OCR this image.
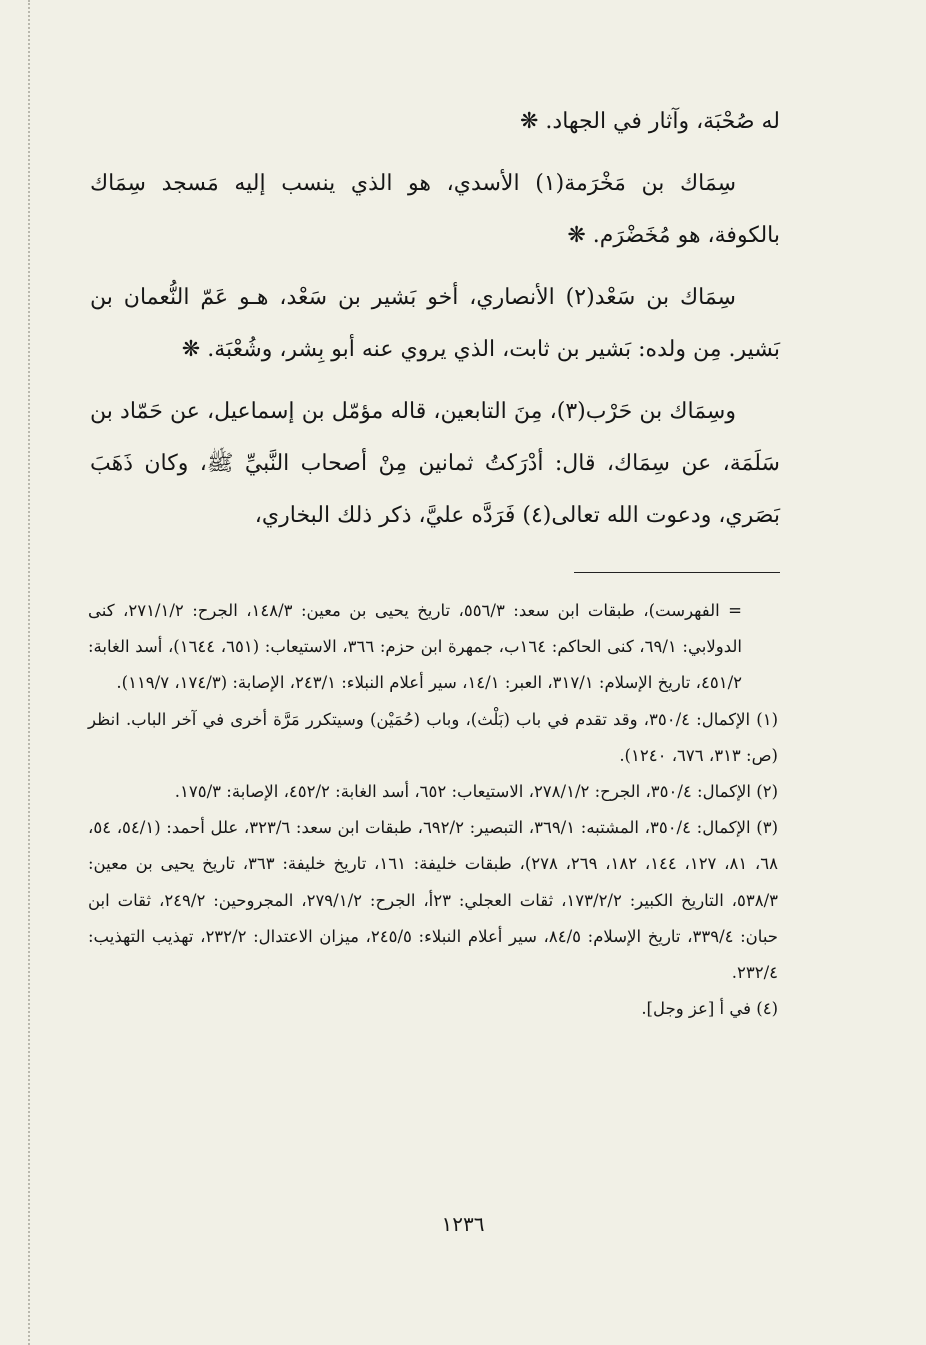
له صُحْبَة، وآثار في الجهاد. ❋

سِمَاك بن مَخْرَمة(١) الأسدي، هو الذي ينسب إليه مَسجد سِمَاك بالكوفة، هو مُخَضْرَم. ❋

سِمَاك بن سَعْد(٢) الأنصاري، أخو بَشير بن سَعْد، هـو عَمّ النُّعمان بن بَشير. مِن ولده: بَشير بن ثابت، الذي يروي عنه أبو بِشر، وشُعْبَة. ❋

وسِمَاك بن حَرْب(٣)، مِنَ التابعين، قاله مؤمّل بن إسماعيل، عن حَمّاد بن سَلَمَة، عن سِمَاك، قال: أدْرَكتُ ثمانين مِنْ أصحاب النَّبيِّ ﷺ، وكان ذَهَبَ بَصَري، ودعوت الله تعالى(٤) فَرَدَّه عليَّ، ذكر ذلك البخاري،

= الفهرست)، طبقات ابن سعد: ٥٥٦/٣، تاريخ يحيى بن معين: ١٤٨/٣، الجرح: ٢٧١/١/٢، كنى الدولابي: ٦٩/١، كنى الحاكم: ١٦٤ب، جمهرة ابن حزم: ٣٦٦، الاستيعاب: (٦٥١، ١٦٤٤)، أسد الغابة: ٤٥١/٢، تاريخ الإسلام: ٣١٧/١، العبر: ١٤/١، سير أعلام النبلاء: ٢٤٣/١، الإصابة: (١٧٤/٣، ١١٩/٧).

(١) الإكمال: ٣٥٠/٤، وقد تقدم في باب (بَلْث)، وباب (حُمَيْن) وسيتكرر مَرَّة أخرى في آخر الباب. انظر (ص: ٣١٣، ٦٧٦، ١٢٤٠).

(٢) الإكمال: ٣٥٠/٤، الجرح: ٢٧٨/١/٢، الاستيعاب: ٦٥٢، أسد الغابة: ٤٥٢/٢، الإصابة: ١٧٥/٣.

(٣) الإكمال: ٣٥٠/٤، المشتبه: ٣٦٩/١، التبصير: ٦٩٢/٢، طبقات ابن سعد: ٣٢٣/٦، علل أحمد: (٥٤/١، ٥٤، ٦٨، ٨١، ١٢٧، ١٤٤، ١٨٢، ٢٦٩، ٢٧٨)، طبقات خليفة: ١٦١، تاريخ خليفة: ٣٦٣، تاريخ يحيى بن معين: ٥٣٨/٣، التاريخ الكبير: ١٧٣/٢/٢، ثقات العجلي: ٢٣أ، الجرح: ٢٧٩/١/٢، المجروحين: ٢٤٩/٢، ثقات ابن حبان: ٣٣٩/٤، تاريخ الإسلام: ٨٤/٥، سير أعلام النبلاء: ٢٤٥/٥، ميزان الاعتدال: ٢٣٢/٢، تهذيب التهذيب: ٢٣٢/٤.

(٤) في أ [عز وجل].

١٢٣٦
